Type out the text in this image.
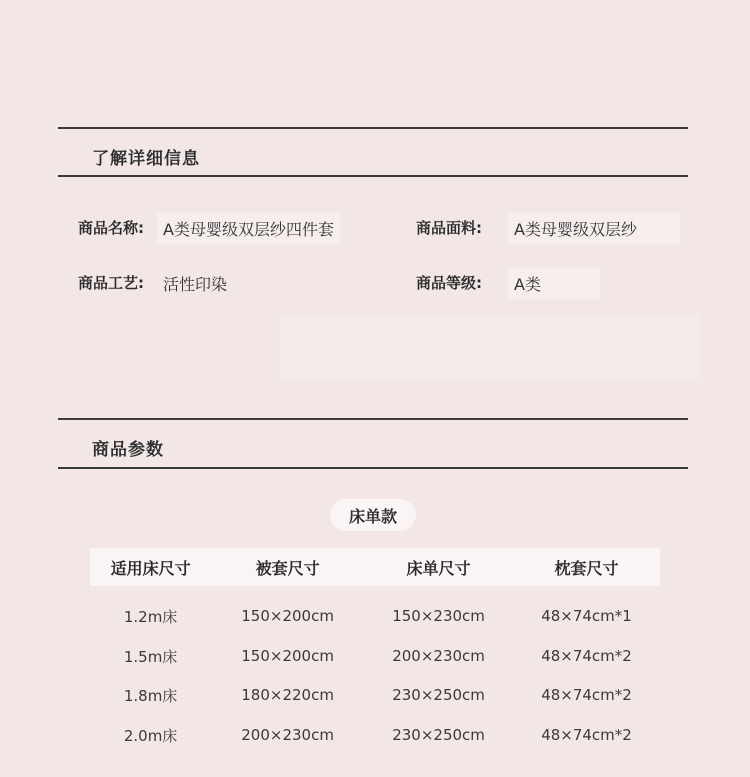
了解详细信息
商品名称:	A类母婴级双层纱四件套	商品面料:	A类母婴级双层纱
商品工艺:	活性印染	商品等级:	A类
商品参数
床单款
适用床尺寸	被套尺寸	床单尺寸	枕套尺寸
1.2m床	150×200cm	150×230cm	48×74cm*1
1.5m床	150×200cm	200×230cm	48×74cm*2
1.8m床	180×220cm	230×250cm	48×74cm*2
2.0m床	200×230cm	230×250cm	48×74cm*2
